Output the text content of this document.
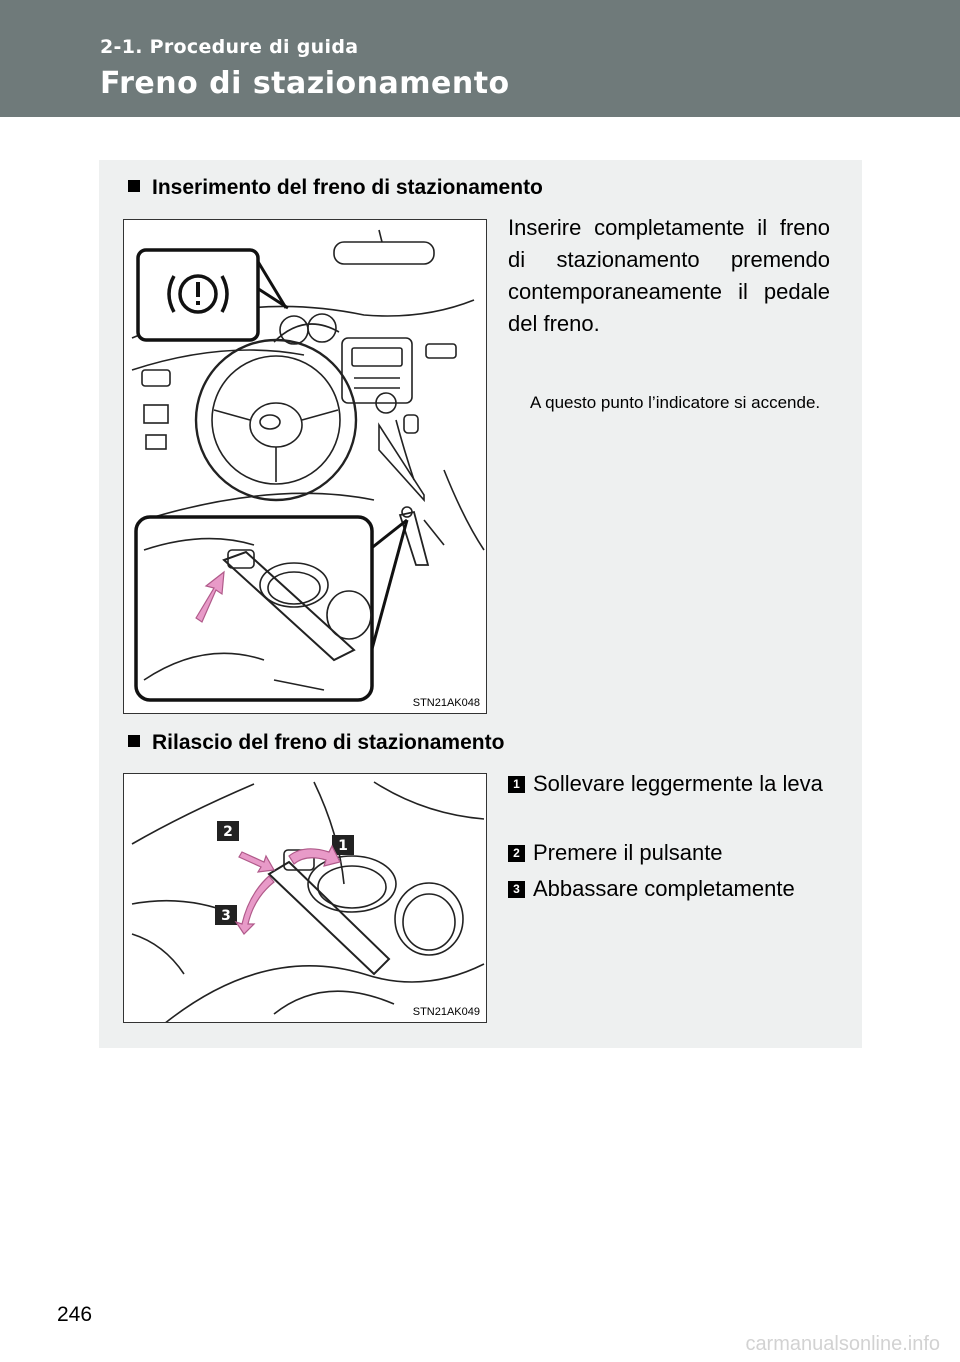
2-1. Procedure di guida
Freno di stazionamento
Inserimento del freno di stazionamento
STN21AK048
Inserire completamente il freno di stazionamento premendo contemporaneamente il pedale del freno.
A questo punto l’indicatore si accende.
Rilascio del freno di stazionamento
2
1
3
STN21AK049
1 Sollevare leggermente la leva
2 Premere il pulsante
3 Abbassare completamente
246
carmanualsonline.info
